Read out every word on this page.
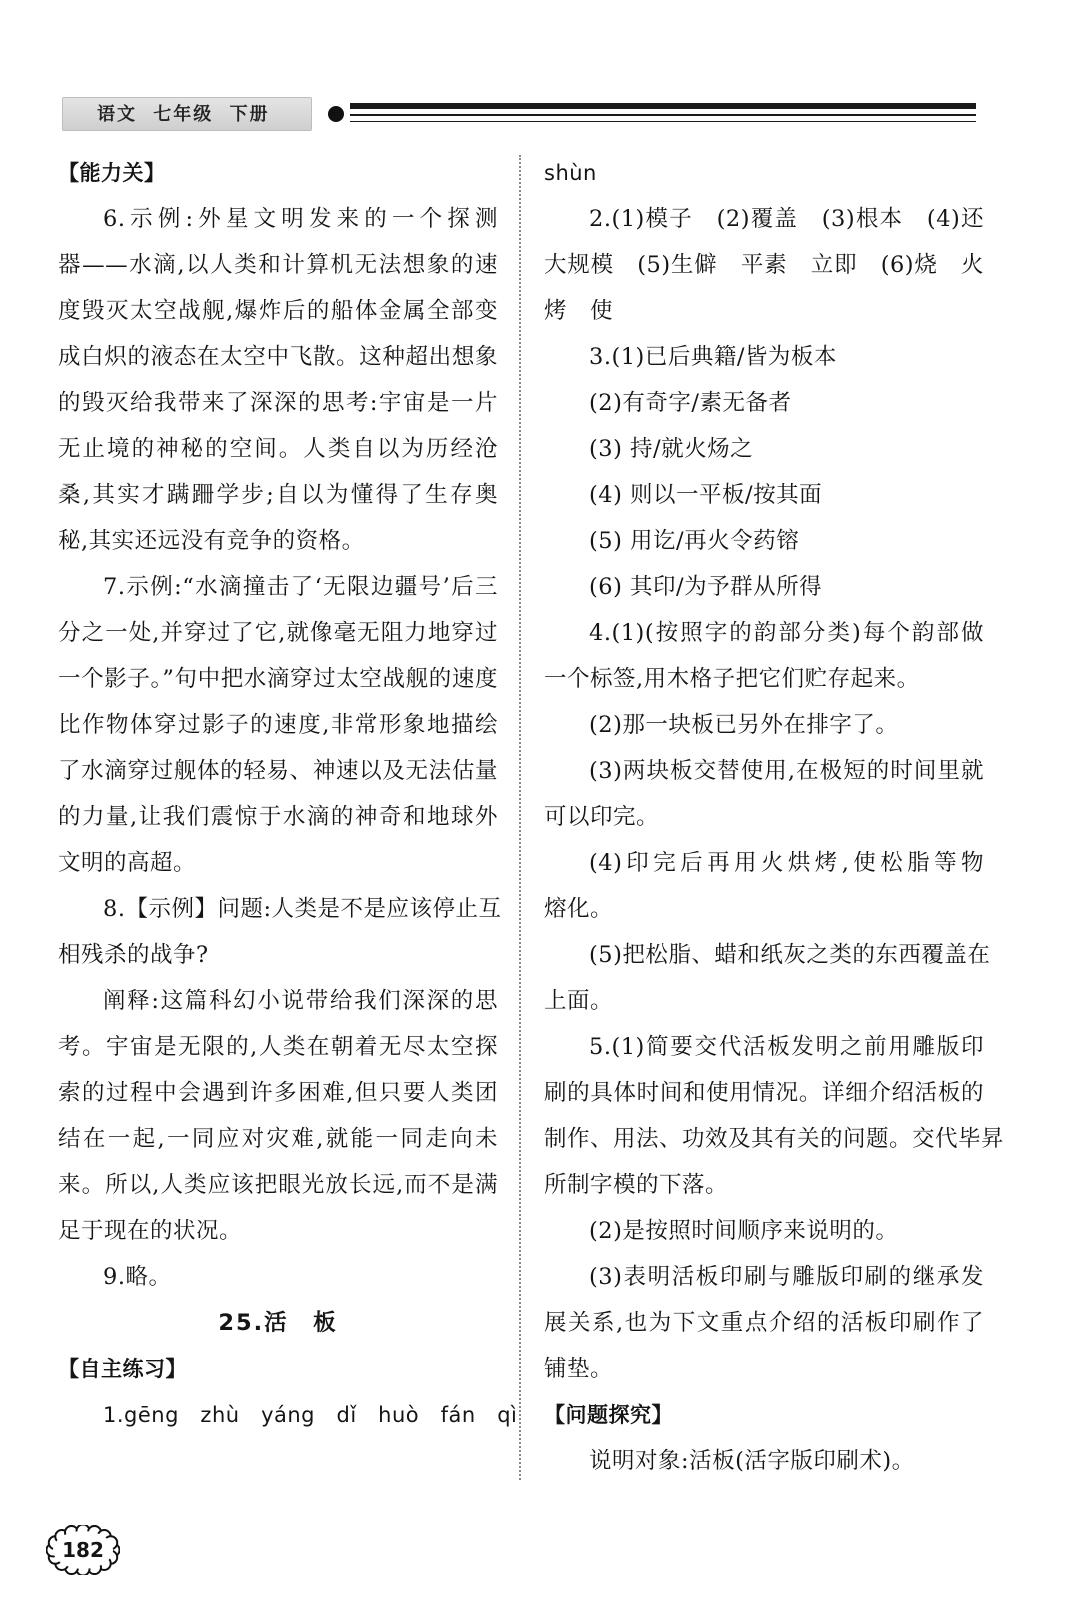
语文 七年级 下册
【能力关】
6.示例:外星文明发来的一个探测
器——水滴,以人类和计算机无法想象的速
度毁灭太空战舰,爆炸后的船体金属全部变
成白炽的液态在太空中飞散。这种超出想象
的毁灭给我带来了深深的思考:宇宙是一片
无止境的神秘的空间。人类自以为历经沧
桑,其实才蹒跚学步;自以为懂得了生存奥
秘,其实还远没有竞争的资格。
7.示例:“水滴撞击了‘无限边疆号’后三
分之一处,并穿过了它,就像毫无阻力地穿过
一个影子。”句中把水滴穿过太空战舰的速度
比作物体穿过影子的速度,非常形象地描绘
了水滴穿过舰体的轻易、神速以及无法估量
的力量,让我们震惊于水滴的神奇和地球外
文明的高超。
8.【示例】问题:人类是不是应该停止互
相残杀的战争?
阐释:这篇科幻小说带给我们深深的思
考。宇宙是无限的,人类在朝着无尽太空探
索的过程中会遇到许多困难,但只要人类团
结在一起,一同应对灾难,就能一同走向未
来。所以,人类应该把眼光放长远,而不是满
足于现在的状况。
9.略。
25.活　板
【自主练习】
1.gēng　zhù　yáng　dǐ　huò　fán　qì
shùn
2.(1)模子　(2)覆盖　(3)根本　(4)还
大规模　(5)生僻　平素　立即　(6)烧　火
烤　使
3.(1)已后典籍/皆为板本
(2)有奇字/素无备者
(3) 持/就火炀之
(4) 则以一平板/按其面
(5) 用讫/再火令药镕
(6) 其印/为予群从所得
4.(1)(按照字的韵部分类)每个韵部做
一个标签,用木格子把它们贮存起来。
(2)那一块板已另外在排字了。
(3)两块板交替使用,在极短的时间里就
可以印完。
(4)印完后再用火烘烤,使松脂等物
熔化。
(5)把松脂、蜡和纸灰之类的东西覆盖在
上面。
5.(1)简要交代活板发明之前用雕版印
刷的具体时间和使用情况。详细介绍活板的
制作、用法、功效及其有关的问题。交代毕昇
所制字模的下落。
(2)是按照时间顺序来说明的。
(3)表明活板印刷与雕版印刷的继承发
展关系,也为下文重点介绍的活板印刷作了
铺垫。
【问题探究】
说明对象:活板(活字版印刷术)。
182
